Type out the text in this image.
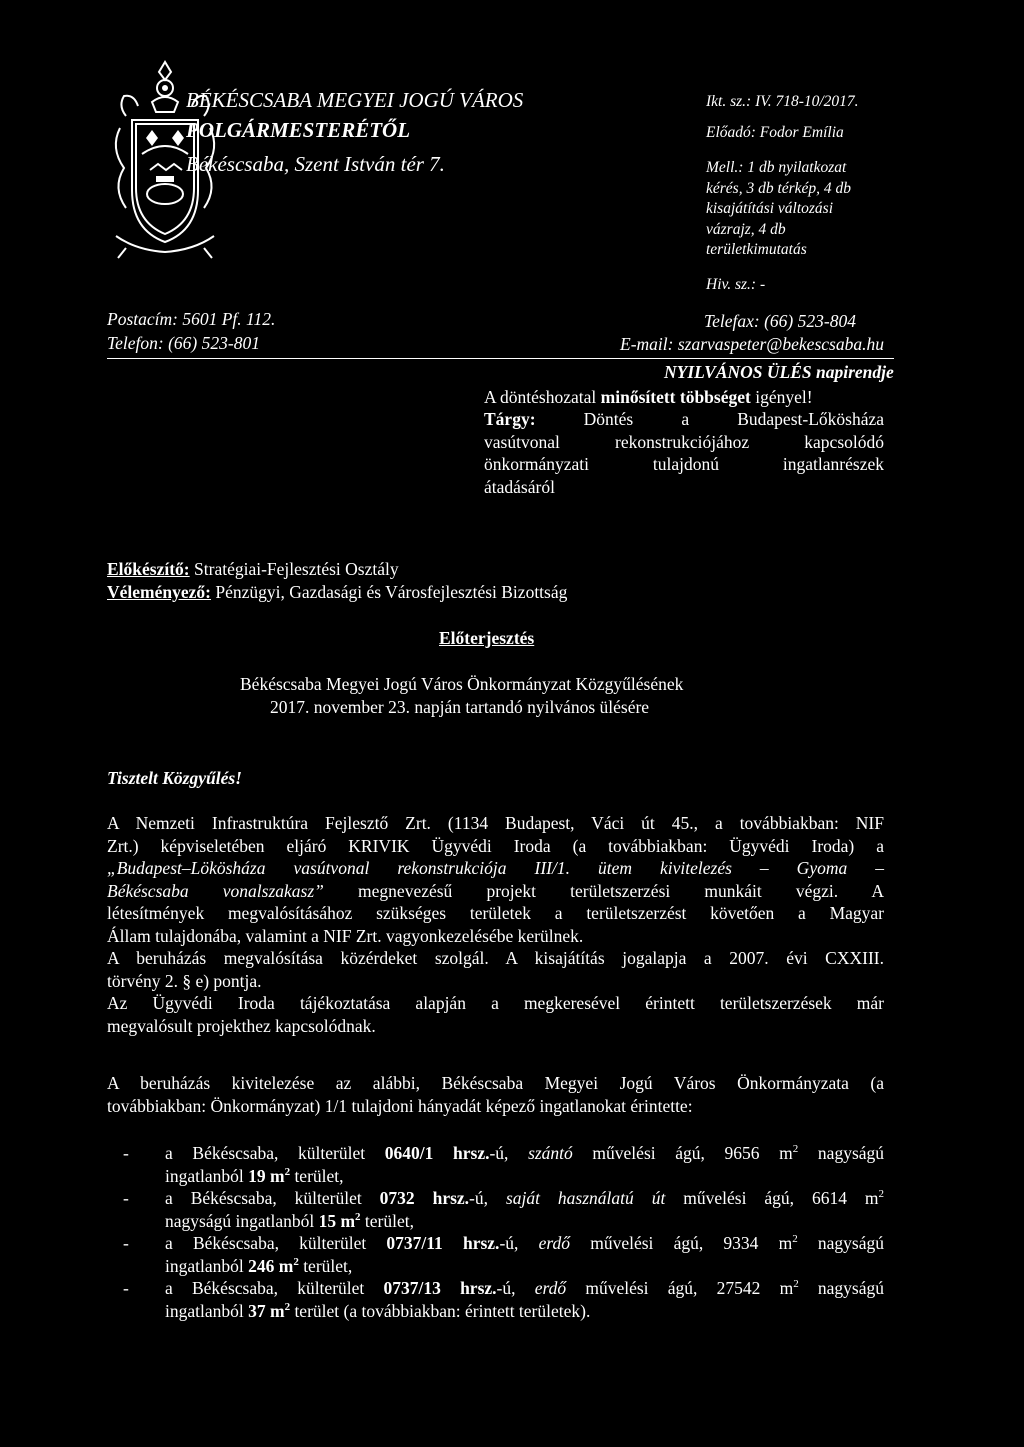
BÉKÉSCSABA MEGYEI JOGÚ VÁROS
POLGÁRMESTERÉTŐL
Békéscsaba, Szent István tér 7.
Ikt. sz.: IV. 718-10/2017.
Előadó: Fodor Emília
Mell.: 1 db nyilatkozat
kérés, 3 db térkép, 4 db
kisajátítási változási
vázrajz, 4 db
területkimutatás
Hiv. sz.: -
Postacím: 5601 Pf. 112.
Telefon: (66) 523-801
Telefax: (66) 523-804
E-mail: szarvaspeter@bekescsaba.hu
NYILVÁNOS ÜLÉS napirendje
A döntéshozatal minősített többséget igényel!
Tárgy:	Döntés a Budapest-Lőkösháza
vasútvonal rekonstrukciójához kapcsolódó
önkormányzati tulajdonú ingatlanrészek
átadásáról
Előkészítő: Stratégiai-Fejlesztési Osztály
Véleményező: Pénzügyi, Gazdasági és Városfejlesztési Bizottság
Előterjesztés
Békéscsaba Megyei Jogú Város Önkormányzat Közgyűlésének
2017. november 23. napján tartandó nyilvános ülésére
Tisztelt Közgyűlés!
A Nemzeti Infrastruktúra Fejlesztő Zrt. (1134 Budapest, Váci út 45., a továbbiakban: NIF
Zrt.) képviseletében eljáró KRIVIK Ügyvédi Iroda (a továbbiakban: Ügyvédi Iroda) a
„Budapest–Lökösháza vasútvonal rekonstrukciója III/1. ütem kivitelezés – Gyoma –
Békéscsaba vonalszakasz” megnevezésű projekt területszerzési munkáit végzi. A
létesítmények megvalósításához szükséges területek a területszerzést követően a Magyar
Állam tulajdonába, valamint a NIF Zrt. vagyonkezelésébe kerülnek.
A beruházás megvalósítása közérdeket szolgál. A kisajátítás jogalapja a 2007. évi CXXIII.
törvény 2. § e) pontja.
Az Ügyvédi Iroda tájékoztatása alapján a megkeresével érintett területszerzések már
megvalósult projekthez kapcsolódnak.
A beruházás kivitelezése az alábbi, Békéscsaba Megyei Jogú Város Önkormányzata (a
továbbiakban: Önkormányzat) 1/1 tulajdoni hányadát képező ingatlanokat érintette:
- a Békéscsaba, külterület 0640/1 hrsz.-ú, szántó művelési ágú, 9656 $m^2$ nagyságú
ingatlanból 19 $m^2$ terület,
- a Békéscsaba, külterület 0732 hrsz.-ú, saját használatú út művelési ágú, 6614 $m^2$
nagyságú ingatlanból 15 $m^2$ terület,
- a Békéscsaba, külterület 0737/11 hrsz.-ú, erdő művelési ágú, 9334 $m^2$ nagyságú
ingatlanból 246 $m^2$ terület,
- a Békéscsaba, külterület 0737/13 hrsz.-ú, erdő művelési ágú, 27542 $m^2$ nagyságú
ingatlanból 37 $m^2$ terület (a továbbiakban: érintett területek).
